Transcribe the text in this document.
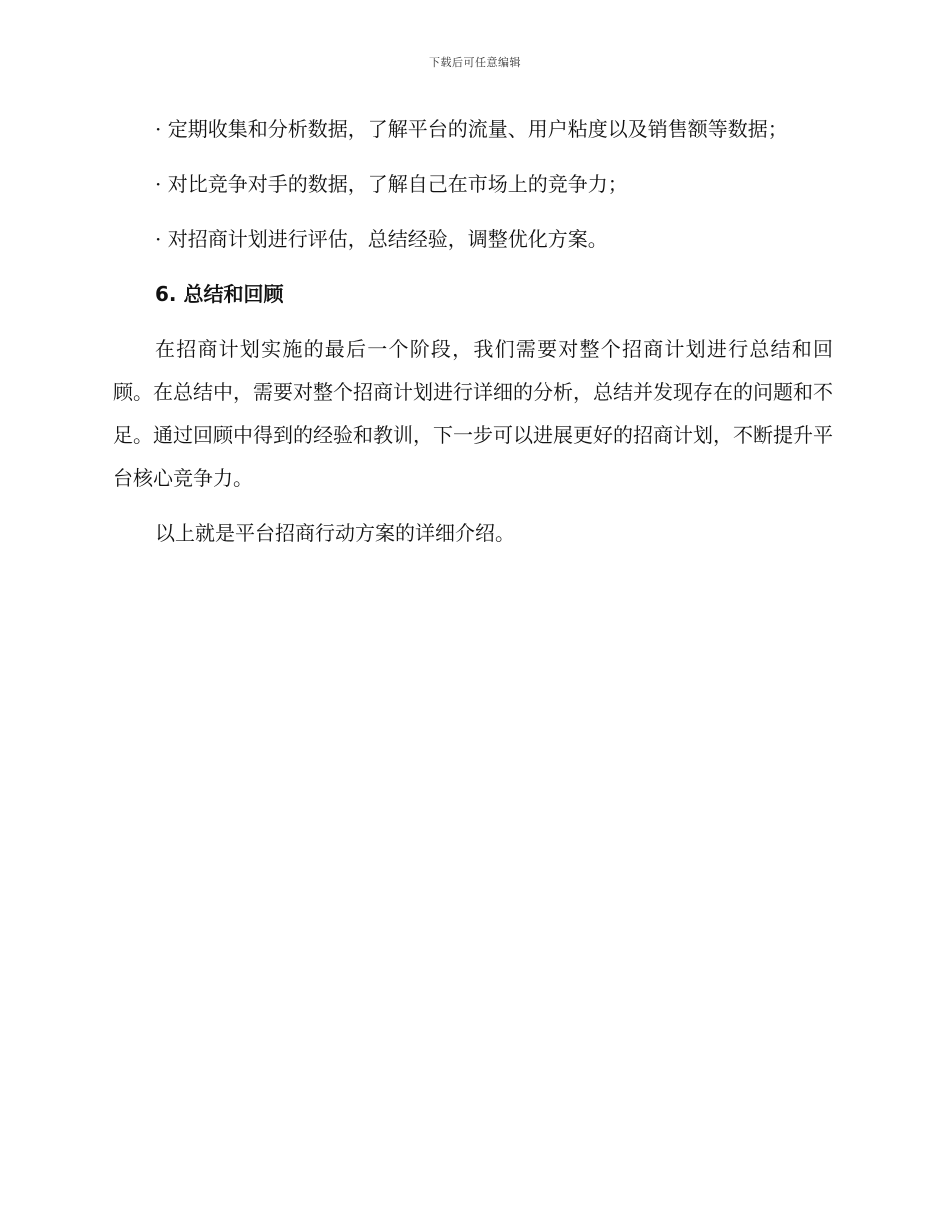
下载后可任意编辑

· 定期收集和分析数据，了解平台的流量、用户粘度以及销售额等数据；

· 对比竞争对手的数据，了解自己在市场上的竞争力；

· 对招商计划进行评估，总结经验，调整优化方案。

6. 总结和回顾

在招商计划实施的最后一个阶段，我们需要对整个招商计划进行总结和回顾。在总结中，需要对整个招商计划进行详细的分析，总结并发现存在的问题和不足。通过回顾中得到的经验和教训，下一步可以进展更好的招商计划，不断提升平台核心竞争力。

以上就是平台招商行动方案的详细介绍。
